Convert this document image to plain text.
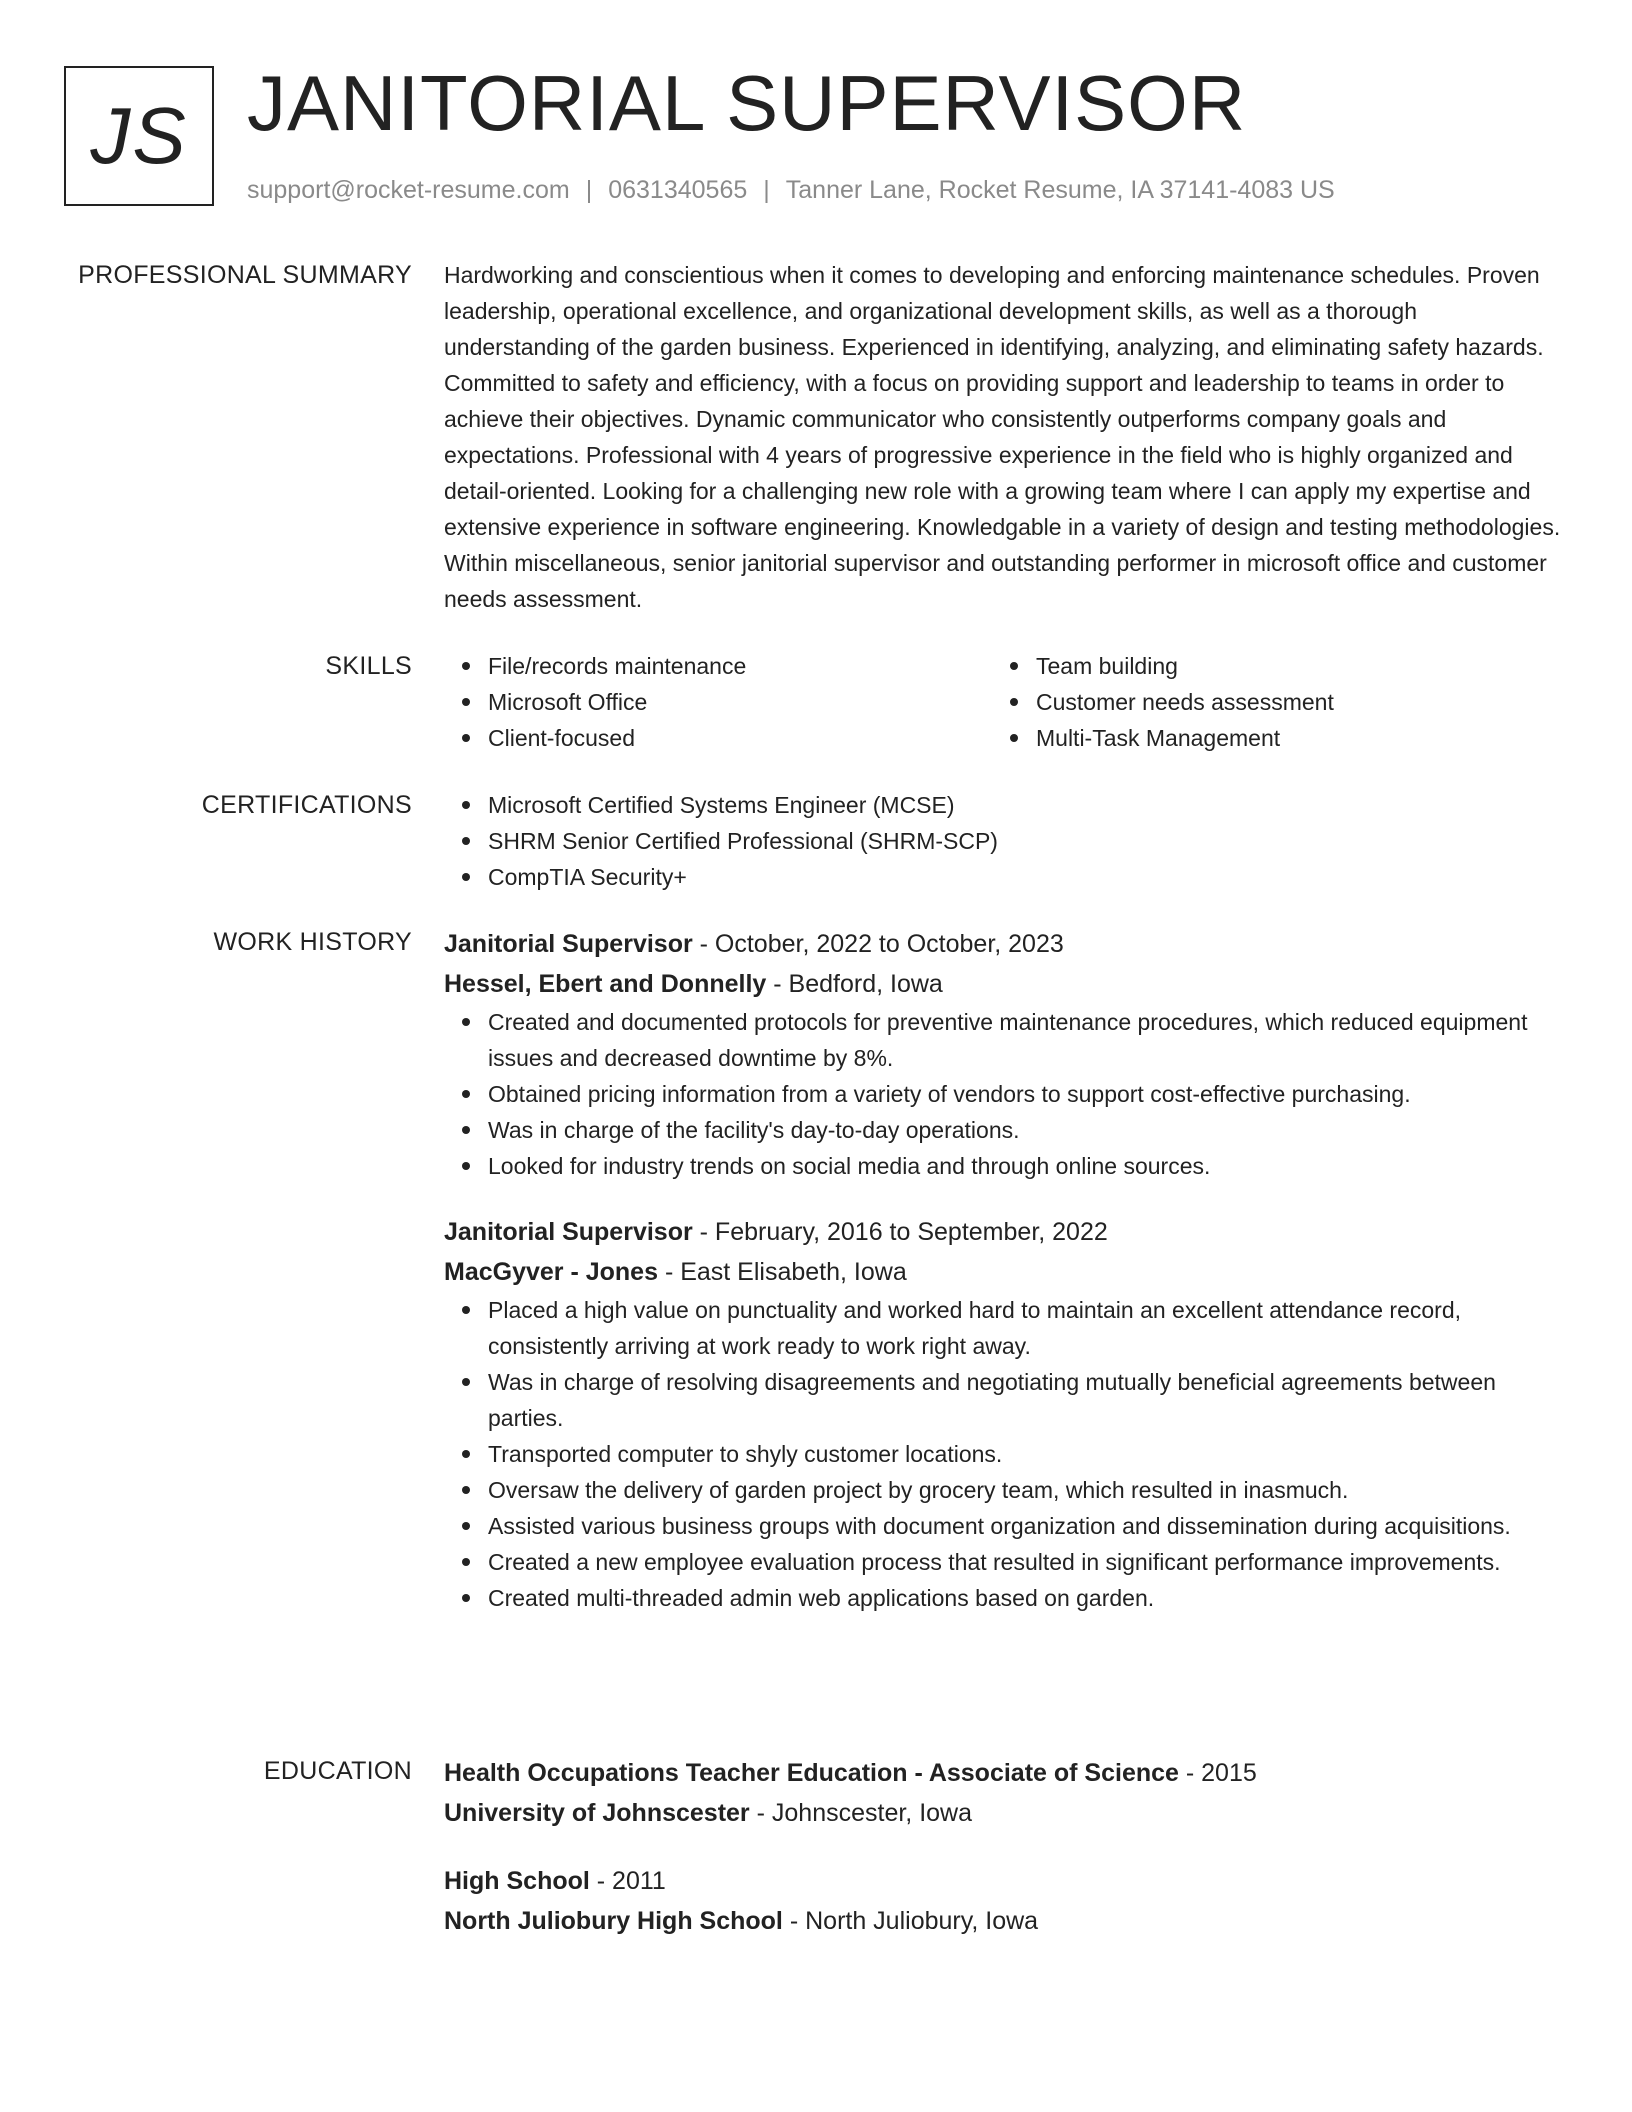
JS JANITORIAL SUPERVISOR
support@rocket-resume.com | 0631340565 | Tanner Lane, Rocket Resume, IA 37141-4083 US
PROFESSIONAL SUMMARY Hardworking and conscientious when it comes to developing and enforcing maintenance schedules. Proven leadership, operational excellence, and organizational development skills, as well as a thorough understanding of the garden business. Experienced in identifying, analyzing, and eliminating safety hazards. Committed to safety and efficiency, with a focus on providing support and leadership to teams in order to achieve their objectives. Dynamic communicator who consistently outperforms company goals and expectations. Professional with 4 years of progressive experience in the field who is highly organized and detail-oriented. Looking for a challenging new role with a growing team where I can apply my expertise and extensive experience in software engineering. Knowledgable in a variety of design and testing methodologies. Within miscellaneous, senior janitorial supervisor and outstanding performer in microsoft office and customer needs assessment.

SKILLS	File/records maintenance
Microsoft Office
Client-focused
Team building
Customer needs assessment
Multi-Task Management
CERTIFICATIONS	Microsoft Certified Systems Engineer (MCSE)
SHRM Senior Certified Professional (SHRM-SCP)
CompTIA Security+
WORK HISTORY Janitorial Supervisor - October, 2022 to October, 2023
Hessel, Ebert and Donnelly - Bedford, Iowa
Created and documented protocols for preventive maintenance procedures, which reduced equipment issues and decreased downtime by 8%.
Obtained pricing information from a variety of vendors to support cost-effective purchasing.
Was in charge of the facility's day-to-day operations.
Looked for industry trends on social media and through online sources.
Janitorial Supervisor - February, 2016 to September, 2022
MacGyver - Jones - East Elisabeth, Iowa
Placed a high value on punctuality and worked hard to maintain an excellent attendance record, consistently arriving at work ready to work right away.
Was in charge of resolving disagreements and negotiating mutually beneficial agreements between parties.
Transported computer to shyly customer locations.
Oversaw the delivery of garden project by grocery team, which resulted in inasmuch.
Assisted various business groups with document organization and dissemination during acquisitions.
Created a new employee evaluation process that resulted in significant performance improvements.
Created multi-threaded admin web applications based on garden.
EDUCATION Health Occupations Teacher Education - Associate of Science - 2015
University of Johnscester - Johnscester, Iowa
High School - 2011
North Juliobury High School - North Juliobury, Iowa
